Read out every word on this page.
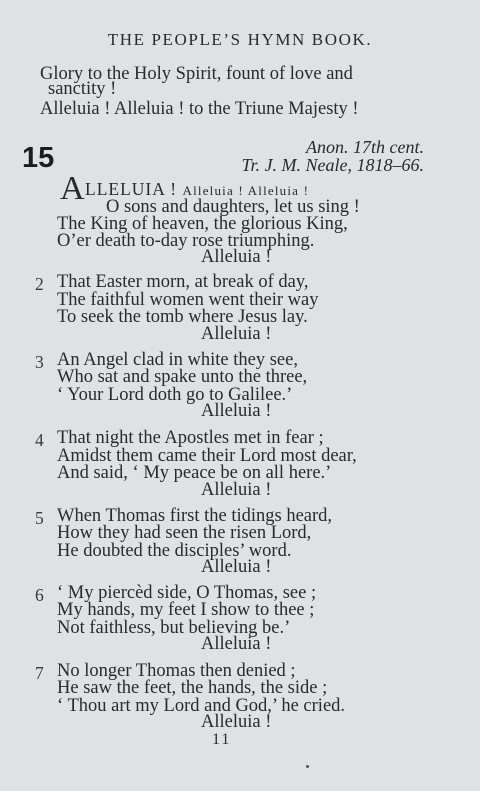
THE PEOPLE’S HYMN BOOK.
Glory to the Holy Spirit, fount of love and
sanctity !
Alleluia ! Alleluia ! to the Triune Majesty !
15	Anon. 17th cent.
Tr. J. M. Neale, 1818–66.
A LLELUIA ! Alleluia ! Alleluia !
O sons and daughters, let us sing !
The King of heaven, the glorious King,
O’er death to-day rose triumphing.
Alleluia !
2 That Easter morn, at break of day,
The faithful women went their way
To seek the tomb where Jesus lay.
Alleluia !
3 An Angel clad in white they see,
Who sat and spake unto the three,
‘ Your Lord doth go to Galilee.’
Alleluia !
4 That night the Apostles met in fear ;
Amidst them came their Lord most dear,
And said, ‘ My peace be on all here.’
Alleluia !
5 When Thomas first the tidings heard,
How they had seen the risen Lord,
He doubted the disciples’ word.
Alleluia !
6 ‘ My piercèd side, O Thomas, see ;
My hands, my feet I show to thee ;
Not faithless, but believing be.’
Alleluia !
7 No longer Thomas then denied ;
He saw the feet, the hands, the side ;
‘ Thou art my Lord and God,’ he cried.
Alleluia !
11
